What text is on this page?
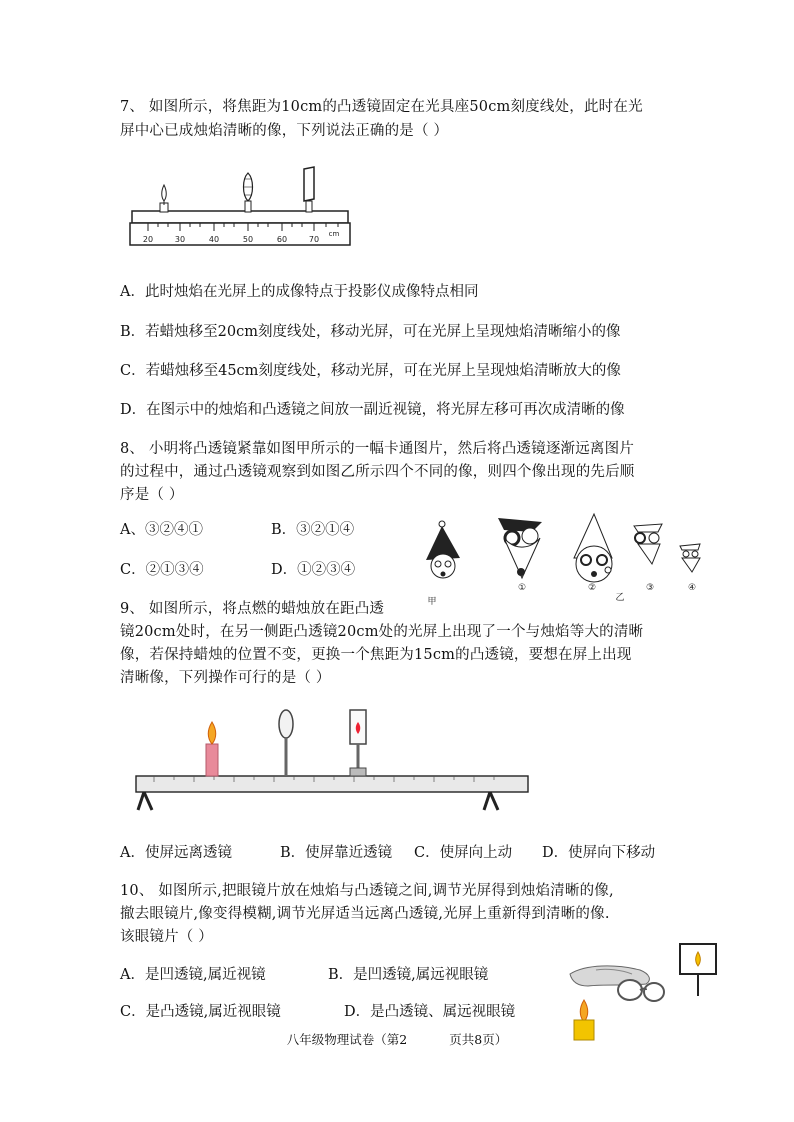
7、 如图所示，将焦距为10cm的凸透镜固定在光具座50cm刻度线处，此时在光
屏中心已成烛焰清晰的像，下列说法正确的是（ ）
20	30	40	50	60	70
cm
A．此时烛焰在光屏上的成像特点于投影仪成像特点相同
B．若蜡烛移至20cm刻度线处，移动光屏，可在光屏上呈现烛焰清晰缩小的像
C．若蜡烛移至45cm刻度线处，移动光屏，可在光屏上呈现烛焰清晰放大的像
D．在图示中的烛焰和凸透镜之间放一副近视镜，将光屏左移可再次成清晰的像
8、 小明将凸透镜紧靠如图甲所示的一幅卡通图片，然后将凸透镜逐渐远离图片
的过程中，通过凸透镜观察到如图乙所示四个不同的像，则四个像出现的先后顺
序是（ ）
A、③②④①	B．③②①④
C．②①③④	D．①②③④
甲
①	②
乙
③	④
9、 如图所示，将点燃的蜡烛放在距凸透
镜20cm处时，在另一侧距凸透镜20cm处的光屏上出现了一个与烛焰等大的清晰
像，若保持蜡烛的位置不变，更换一个焦距为15cm的凸透镜，要想在屏上出现
清晰像，下列操作可行的是（ ）
A．使屏远离透镜	B．使屏靠近透镜 C．使屏向上动 D．使屏向下移动
10、 如图所示,把眼镜片放在烛焰与凸透镜之间,调节光屏得到烛焰清晰的像,
撤去眼镜片,像变得模糊,调节光屏适当远离凸透镜,光屏上重新得到清晰的像.
该眼镜片（ ）
A．是凹透镜,属近视镜	B．是凹透镜,属远视眼镜
C．是凸透镜,属近视眼镜	D．是凸透镜、属远视眼镜
八年级物理试卷（第2	页共8页）
